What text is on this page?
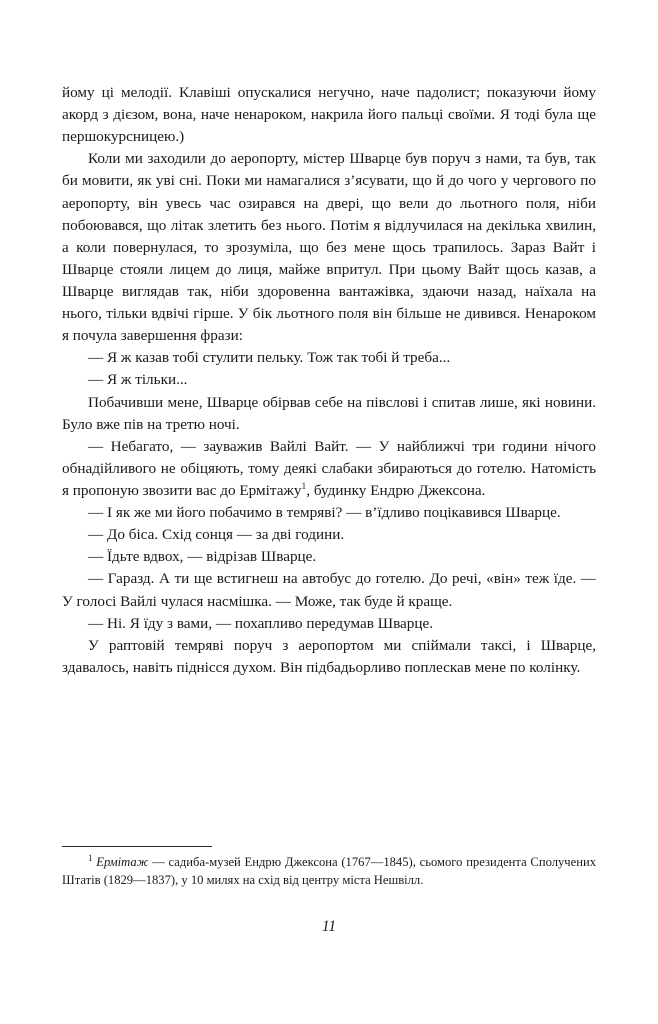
йому ці мелодії. Клавіші опускалися негучно, наче падолист; показуючи йому акорд з дієзом, вона, наче ненароком, накрила його пальці своїми. Я тоді була ще першокурсницею.)

Коли ми заходили до аеропорту, містер Шварце був поруч з нами, та був, так би мовити, як уві сні. Поки ми намагалися з’ясувати, що й до чого у чергового по аеропорту, він увесь час озирався на двері, що вели до льотного поля, ніби побоювався, що літак злетить без нього. Потім я відлучилася на декілька хвилин, а коли повернулася, то зрозуміла, що без мене щось трапилось. Зараз Вайт і Шварце стояли лицем до лиця, майже впритул. При цьому Вайт щось казав, а Шварце виглядав так, ніби здоровенна вантажівка, здаючи назад, наїхала на нього, тільки вдвічі гірше. У бік льотного поля він більше не дивився. Ненароком я почула завершення фрази:

— Я ж казав тобі стулити пельку. Тож так тобі й треба...

— Я ж тільки...

Побачивши мене, Шварце обірвав себе на півслові і спитав лише, які новини. Було вже пів на третю ночі.

— Небагато, — зауважив Вайлі Вайт. — У найближчі три години нічого обнадійливого не обіцяють, тому деякі слабаки збираються до готелю. Натомість я пропоную звозити вас до Ермітажу$^1$, будинку Ендрю Джексона.

— І як же ми його побачимо в темряві? — в’їдливо поцікавився Шварце.

— До біса. Схід сонця — за дві години.

— Їдьте вдвох, — відрізав Шварце.

— Гаразд. А ти ще встигнеш на автобус до готелю. До речі, «він» теж їде. — У голосі Вайлі чулася насмішка. — Може, так буде й краще.

— Ні. Я їду з вами, — похапливо передумав Шварце.

У раптовій темряві поруч з аеропортом ми спіймали таксі, і Шварце, здавалось, навіть піднісся духом. Він підбадьорливо поплескав мене по колінку.

$^1$ Ермітаж — садиба-музей Ендрю Джексона (1767—1845), сьомого президента Сполучених Штатів (1829—1837), у 10 милях на схід від центру міста Нешвілл.

11
